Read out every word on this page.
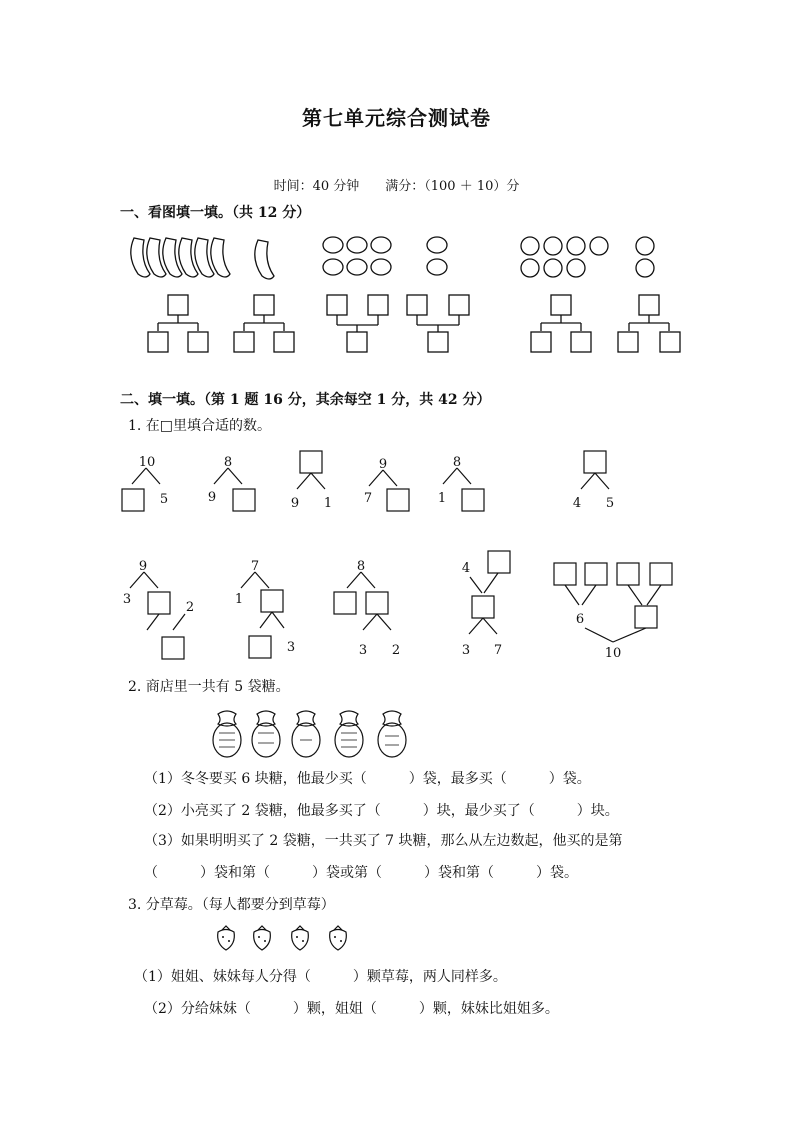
第七单元综合测试卷
时间：40 分钟　　满分：（100 ＋ 10）分
一、看图填一填。（共 12 分）
二、填一填。（第 1 题 16 分，其余每空 1 分，共 42 分）
1. 在□里填合适的数。
10
5
8
9	9 1
9
7
8
1	4 5
9
3
2
7
1
3
8
3 2
4
3 7
6
10
2. 商店里一共有 5 袋糖。
（1）冬冬要买 6 块糖，他最少买（　　　）袋，最多买（　　　）袋。
（2）小亮买了 2 袋糖，他最多买了（　　　）块，最少买了（　　　）块。
（3）如果明明买了 2 袋糖，一共买了 7 块糖，那么从左边数起，他买的是第
（　　　）袋和第（　　　）袋或第（　　　）袋和第（　　　）袋。
3. 分草莓。（每人都要分到草莓）
（1）姐姐、妹妹每人分得（　　　）颗草莓，两人同样多。
（2）分给妹妹（　　　）颗，姐姐（　　　）颗，妹妹比姐姐多。
